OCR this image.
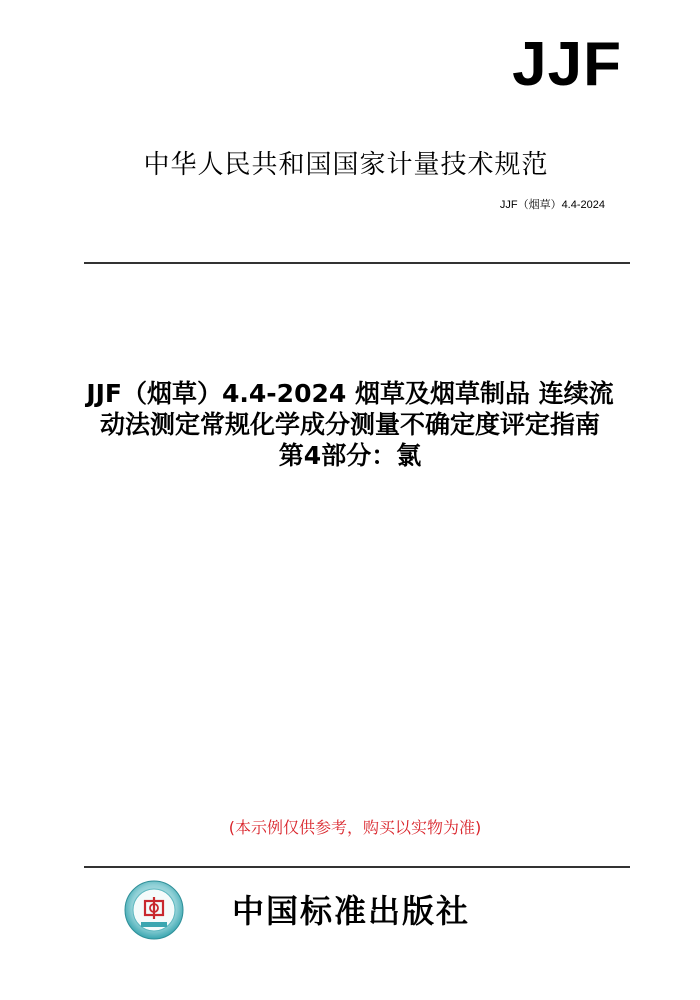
JJF
中华人民共和国国家计量技术规范
JJF（烟草）4.4-2024
JJF（烟草）4.4-2024 烟草及烟草制品 连续流
动法测定常规化学成分测量不确定度评定指南
第4部分：氯
(本示例仅供参考，购买以实物为准)
中国标准出版社
